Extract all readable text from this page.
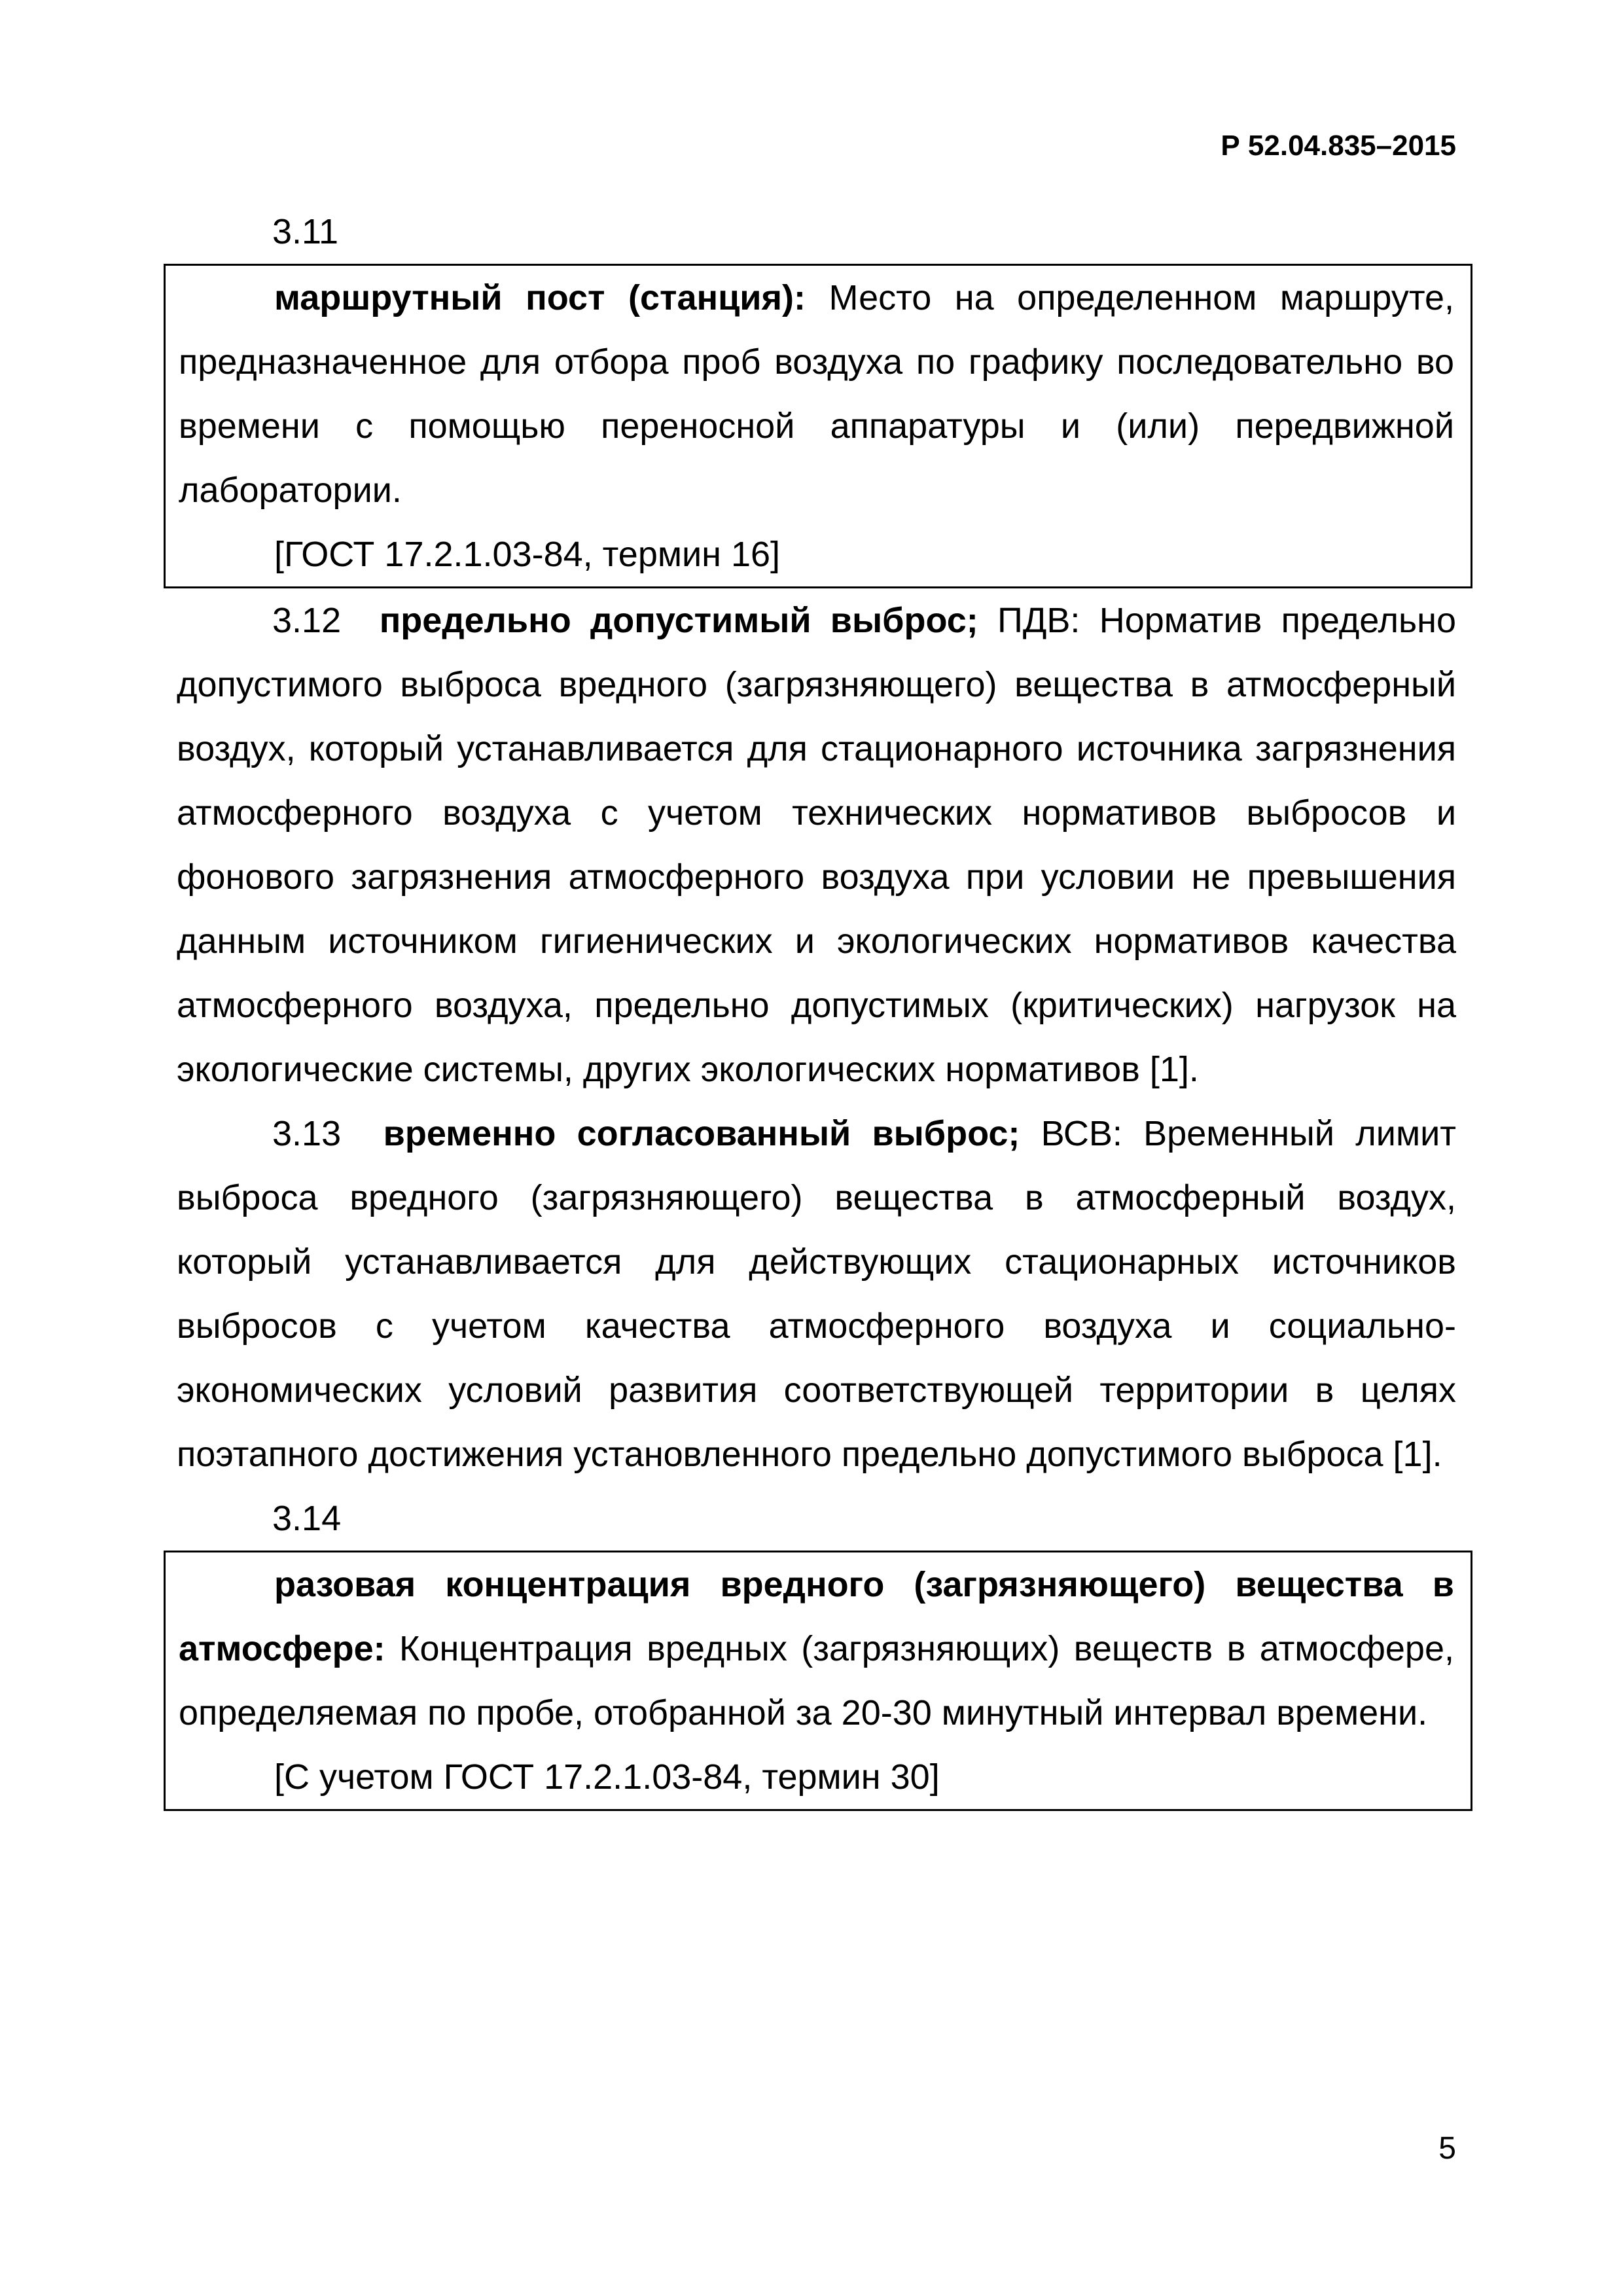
Р 52.04.835–2015

3.11

маршрутный пост (станция): Место на определенном маршруте, предназначенное для отбора проб воздуха по графику последовательно во времени с помощью переносной аппаратуры и (или) передвижной лаборатории.

[ГОСТ 17.2.1.03-84, термин 16]

3.12 предельно допустимый выброс; ПДВ: Норматив предельно допустимого выброса вредного (загрязняющего) вещества в атмосферный воздух, который устанавливается для стационарного источника загрязнения атмосферного воздуха с учетом технических нормативов выбросов и фонового загрязнения атмосферного воздуха при условии не превышения данным источником гигиенических и экологических нормативов качества атмосферного воздуха, предельно допустимых (критических) нагрузок на экологические системы, других экологических нормативов [1].

3.13 временно согласованный выброс; ВСВ: Временный лимит выброса вредного (загрязняющего) вещества в атмосферный воздух, который устанавливается для действующих стационарных источников выбросов с учетом качества атмосферного воздуха и социально-экономических условий развития соответствующей территории в целях поэтапного достижения установленного предельно допустимого выброса [1].

3.14

разовая концентрация вредного (загрязняющего) вещества в атмосфере: Концентрация вредных (загрязняющих) веществ в атмосфере, определяемая по пробе, отобранной за 20-30 минутный интервал времени.

[С учетом ГОСТ 17.2.1.03-84, термин 30]

5
